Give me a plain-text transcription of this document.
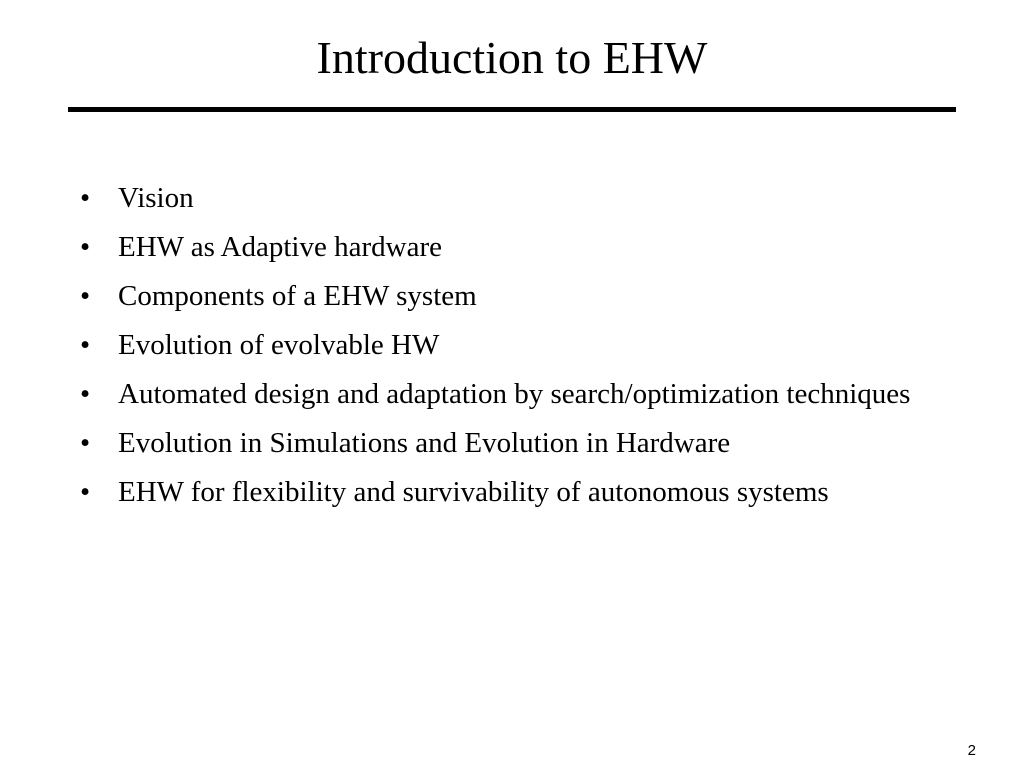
Introduction to EHW
• Vision
• EHW as Adaptive hardware
• Components of a EHW system
• Evolution of evolvable HW
• Automated design and adaptation by search/optimization techniques
• Evolution in Simulations and Evolution in Hardware
• EHW for flexibility and survivability of autonomous systems
2
